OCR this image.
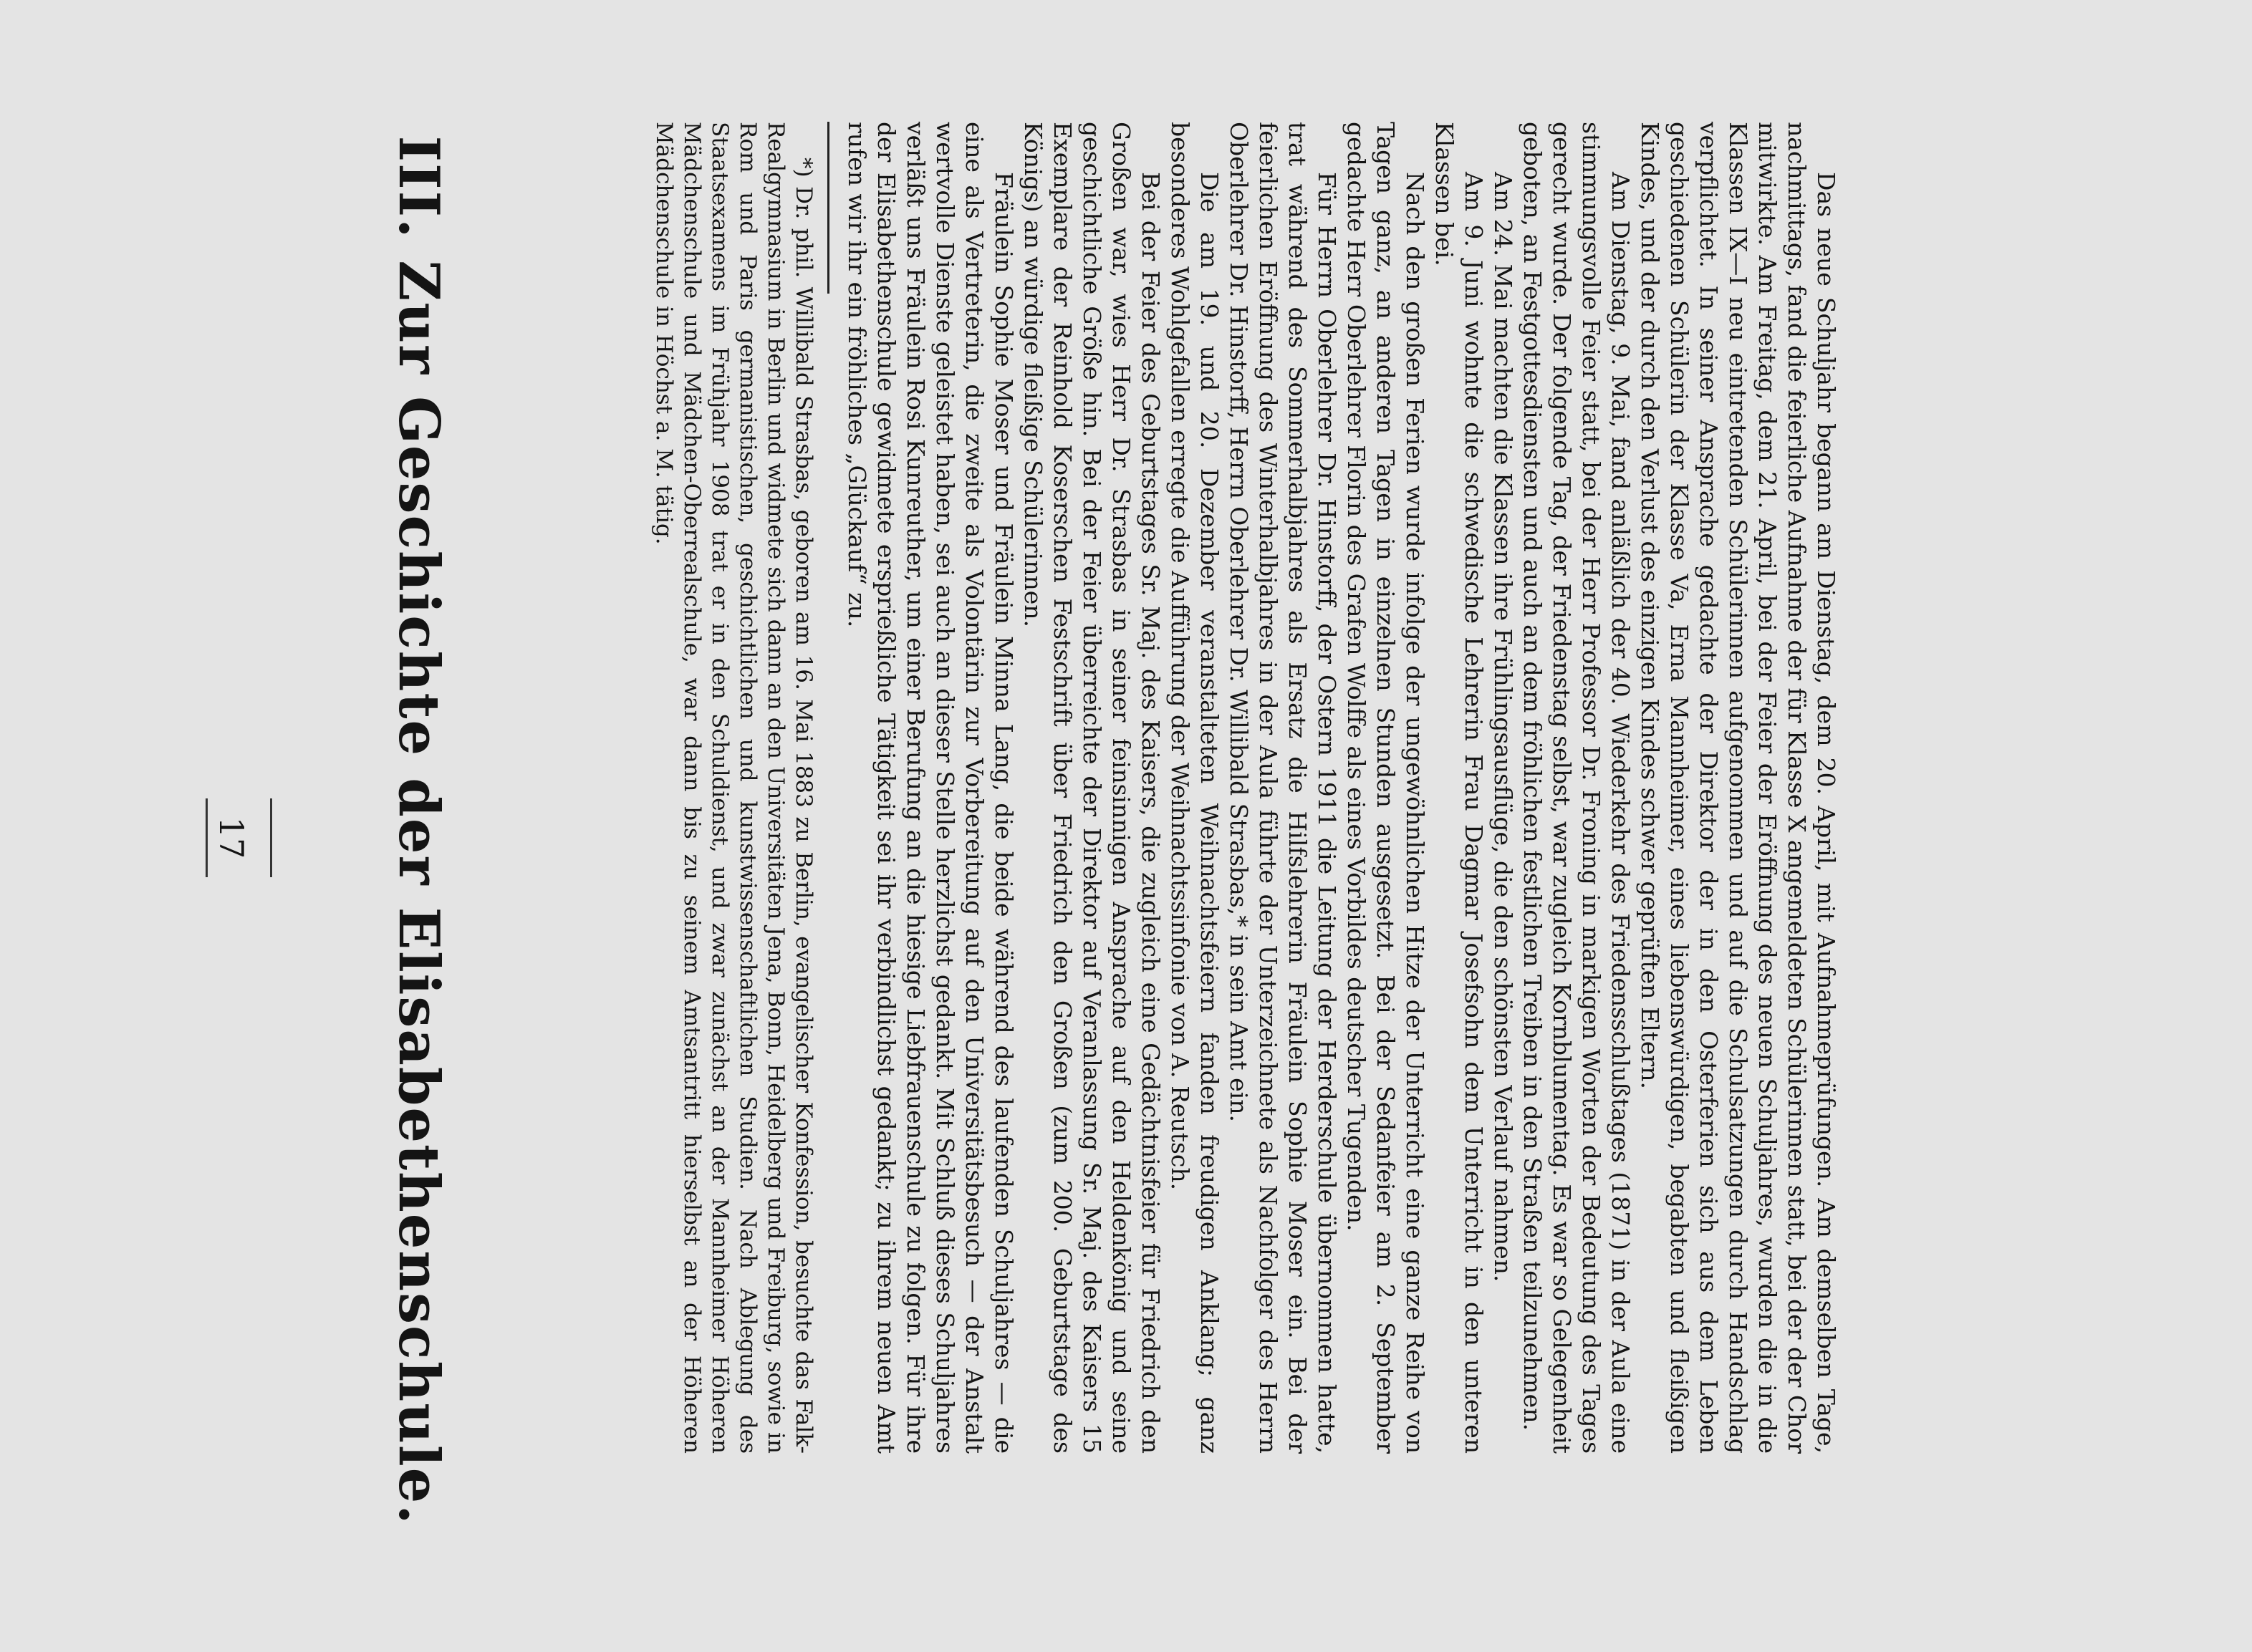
III. Zur Geschichte der Elisabethenschule.	Das neue Schuljahr begann am Dienstag, dem 20. April, mit Aufnahmeprüfungen. Am demselben Tage, nachmittags, fand die feierliche Aufnahme der für Klasse X angemeldeten Schülerinnen statt, bei der der Chor mitwirkte. Am Freitag, dem 21. April, bei der Feier der Eröffnung des neuen Schuljahres, wurden die in die Klassen IX—I neu eintretenden Schülerinnen aufgenommen und auf die Schulsatzungen durch Handschlag verpflichtet. In seiner Ansprache gedachte der Direktor der in den Osterferien sich aus dem Leben geschiedenen Schülerin der Klasse Va, Erna Mannheimer, eines liebenswürdigen, begabten und fleißigen Kindes, und der durch den Verlust des einzigen Kindes schwer geprüften Eltern.

Am Dienstag, 9. Mai, fand anläßlich der 40. Wiederkehr des Friedensschlußtages (1871) in der Aula eine stimmungsvolle Feier statt, bei der Herr Professor Dr. Froning in markigen Worten der Bedeutung des Tages gerecht wurde. Der folgende Tag, der Friedenstag selbst, war zugleich Kornblumentag. Es war so Gelegenheit geboten, an Festgottesdiensten und auch an dem fröhlichen festlichen Treiben in den Straßen teilzunehmen.

Am 24. Mai machten die Klassen ihre Frühlingsausflüge, die den schönsten Verlauf nahmen.

Am 9. Juni wohnte die schwedische Lehrerin Frau Dagmar Josefsohn dem Unterricht in den unteren Klassen bei.

Nach den großen Ferien wurde infolge der ungewöhnlichen Hitze der Unterricht eine ganze Reihe von Tagen ganz, an anderen Tagen in einzelnen Stunden ausgesetzt. Bei der Sedanfeier am 2. September gedachte Herr Oberlehrer Florin des Grafen Wolffe als eines Vorbildes deutscher Tugenden.

Für Herrn Oberlehrer Dr. Hinstorff, der Ostern 1911 die Leitung der Herderschule übernommen hatte, trat während des Sommerhalbjahres als Ersatz die Hilfslehrerin Fräulein Sophie Moser ein. Bei der feierlichen Eröffnung des Winterhalbjahres in der Aula führte der Unterzeichnete als Nachfolger des Herrn Oberlehrer Dr. Hinstorff, Herrn Oberlehrer Dr. Willibald Strasbas,* in sein Amt ein.

Die am 19. und 20. Dezember veranstalteten Weihnachtsfeiern fanden freudigen Anklang; ganz besonderes Wohlgefallen erregte die Aufführung der Weihnachtssinfonie von A. Reutsch.

Bei der Feier des Geburtstages Sr. Maj. des Kaisers, die zugleich eine Gedächtnisfeier für Friedrich den Großen war, wies Herr Dr. Strasbas in seiner feinsinnigen Ansprache auf den Heldenkönig und seine geschichtliche Größe hin. Bei der Feier überreichte der Direktor auf Veranlassung Sr. Maj. des Kaisers 15 Exemplare der Reinhold Koserschen Festschrift über Friedrich den Großen (zum 200. Geburtstage des Königs) an würdige fleißige Schülerinnen.

Fräulein Sophie Moser und Fräulein Minna Lang, die beide während des laufenden Schuljahres — die eine als Vertreterin, die zweite als Volontärin zur Vorbereitung auf den Universitätsbesuch — der Anstalt wertvolle Dienste geleistet haben, sei auch an dieser Stelle herzlichst gedankt. Mit Schluß dieses Schuljahres verläßt uns Fräulein Rosi Kunreuther, um einer Berufung an die hiesige Liebfrauenschule zu folgen. Für ihre der Elisabethenschule gewidmete ersprießliche Tätigkeit sei ihr verbindlichst gedankt; zu ihrem neuen Amt rufen wir ihr ein fröhliches „Glückauf“ zu.

*) Dr. phil. Willibald Strasbas, geboren am 16. Mai 1883 zu Berlin, evangelischer Konfession, besuchte das Falk-Realgymnasium in Berlin und widmete sich dann an den Universitäten Jena, Bonn, Heidelberg und Freiburg, sowie in Rom und Paris germanistischen, geschichtlichen und kunstwissenschaftlichen Studien. Nach Ablegung des Staatsexamens im Frühjahr 1908 trat er in den Schuldienst, und zwar zunächst an der Mannheimer Höheren Mädchenschule und Mädchen-Oberrealschule, war dann bis zu seinem Amtsantritt hierselbst an der Höheren Mädchenschule in Höchst a. M. tätig.

17
